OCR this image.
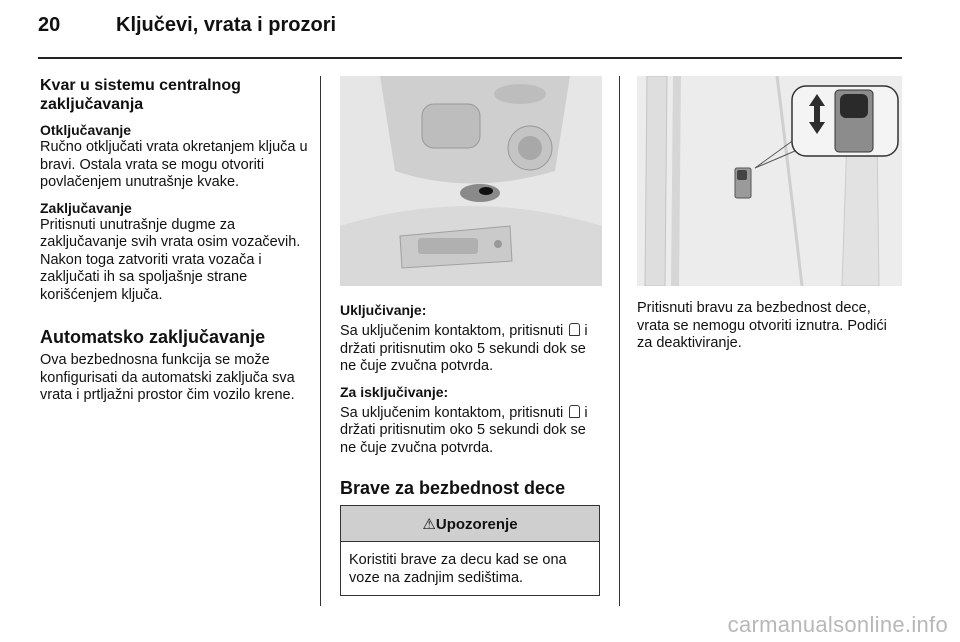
20	Ključevi, vrata i prozori
Kvar u sistemu centralnog zaključavanja
Otključavanje

Ručno otključati vrata okretanjem ključa u bravi. Ostala vrata se mogu otvoriti povlačenjem unutrašnje kvake.

Zaključavanje

Pritisnuti unutrašnje dugme za zaključavanje svih vrata osim vozačevih. Nakon toga zatvoriti vrata vozača i zaključati ih sa spoljašnje strane korišćenjem ključa.

Automatsko zaključavanje

Ova bezbednosna funkcija se može konfigurisati da automatski zaključa sva vrata i prtljažni prostor čim vozilo krene.

Uključivanje:

Sa uključenim kontaktom, pritisnuti i držati pritisnutim oko 5 sekundi dok se ne čuje zvučna potvrda.

Za isključivanje:

Sa uključenim kontaktom, pritisnuti i držati pritisnutim oko 5 sekundi dok se ne čuje zvučna potvrda.

Brave za bezbednost dece
⚠Upozorenje
Koristiti brave za decu kad se ona voze na zadnjim sedištima.

Pritisnuti bravu za bezbednost dece, vrata se nemogu otvoriti iznutra. Podići za deaktiviranje.

carmanualsonline.info
